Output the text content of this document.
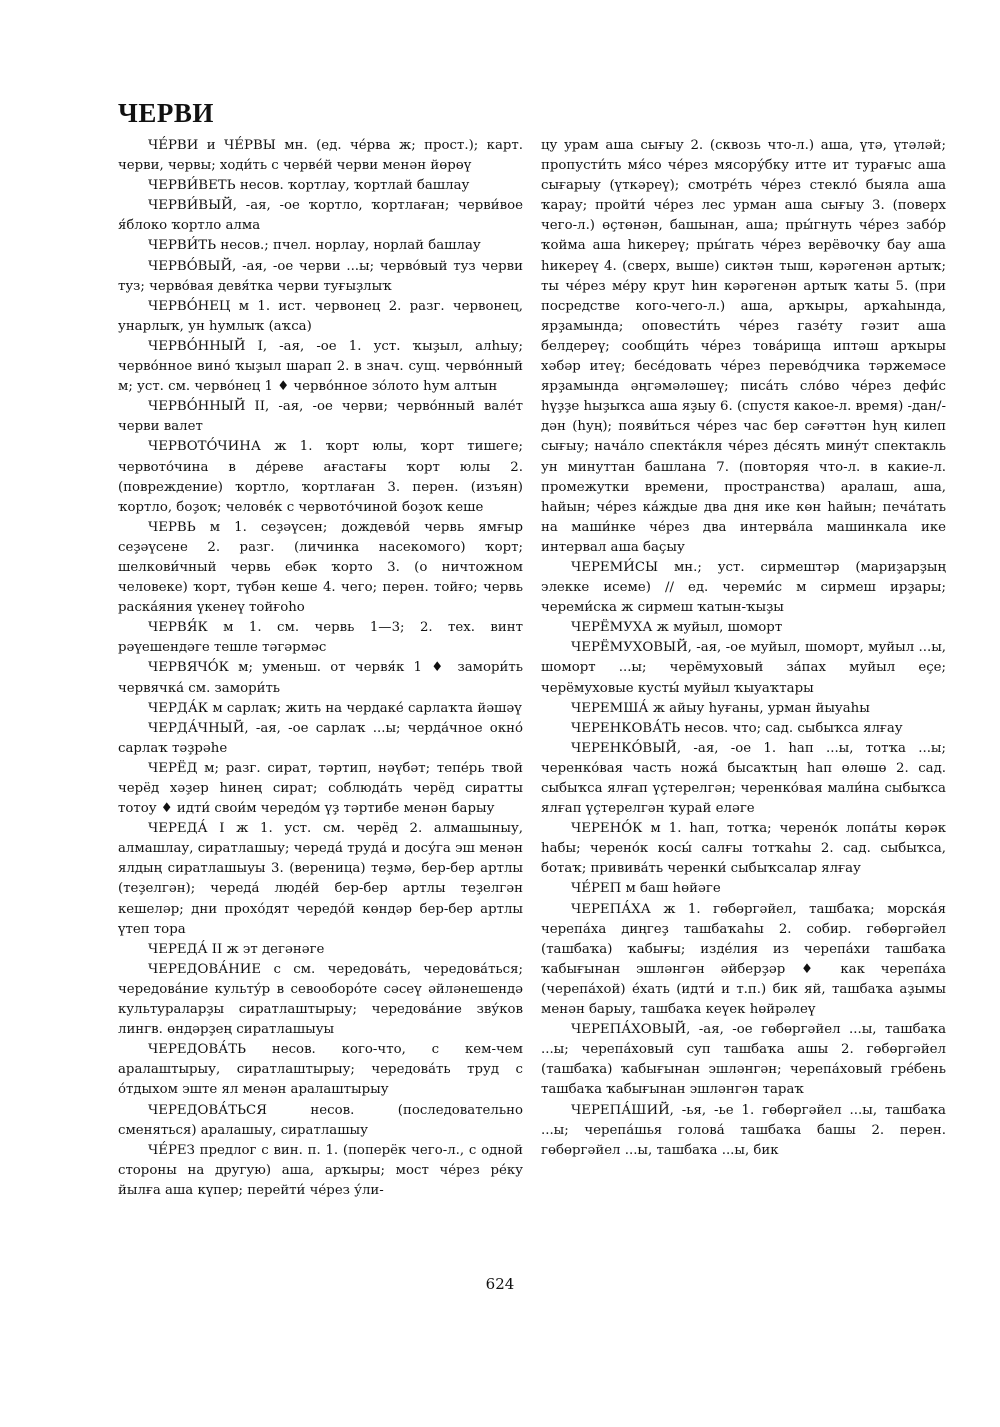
ЧЕРВИ

ЧЕ́РВИ и ЧЕ́РВЫ мн. (ед. че́рва ж; прост.); карт. черви, червы; ходи́ть с черве́й черви менән йөрөү

ЧЕРВИ́ВЕТЬ несов. ҡортлау, ҡортлай башлау

ЧЕРВИ́ВЫЙ, -ая, -ое ҡортло, ҡортлаған; черви́вое я́блоко ҡортло алма

ЧЕРВИ́ТЬ несов.; пчел. норлау, норлай башлау

ЧЕРВО́ВЫЙ, -ая, -ое черви ...ы; черво́вый туз черви туз; черво́вая девя́тка черви туғыҙлыҡ

ЧЕРВО́НЕЦ м 1. ист. червонец 2. разг. червонец, унарлыҡ, ун һумлыҡ (аҡса)

ЧЕРВО́ННЫЙ I, -ая, -ое 1. уст. ҡыҙыл, алһыу; черво́нное вино́ ҡыҙыл шарап 2. в знач. сущ. черво́нный м; уст. см. черво́нец 1 ♦ черво́нное зо́лото һум алтын

ЧЕРВО́ННЫЙ II, -ая, -ое черви; черво́нный вале́т черви валет

ЧЕРВОТО́ЧИНА ж 1. ҡорт юлы, ҡорт тишеге; червото́чина в де́реве ағастағы ҡорт юлы 2. (повреждение) ҡортло, ҡортлаған 3. перен. (изъян) ҡортло, боҙоҡ; челове́к с червото́чиной боҙоҡ кеше

ЧЕРВЬ м 1. сеҙәүсен; дождево́й червь ямғыр сеҙәүсене 2. разг. (личинка насекомого) ҡорт; шелкови́чный червь ебәк ҡорто 3. (о ничтожном человеке) ҡорт, түбән кеше 4. чего; перен. тойғо; червь раска́яния үкенеү тойғоһо

ЧЕРВЯ́К м 1. см. червь 1—3; 2. тех. винт рәүешендәге тешле тәгәрмәс

ЧЕРВЯЧО́К м; уменьш. от червя́к 1 ♦ замори́ть червячка́ см. замори́ть

ЧЕРДА́К м сарлаҡ; жить на чердаке́ сарлаҡта йәшәү

ЧЕРДА́ЧНЫЙ, -ая, -ое сарлаҡ ...ы; черда́чное окно́ сарлаҡ тәҙрәһе

ЧЕРЁД м; разг. сират, тәртип, нәүбәт; тепе́рь твой черёд хәҙер һинең сират; соблюда́ть черёд сиратты тотоу ♦ идти́ свои́м чередо́м үҙ тәртибе менән барыу

ЧЕРЕДА́ I ж 1. уст. см. черёд 2. алмашыныу, алмашлау, сиратлашыу; череда́ труда́ и досу́га эш менән ялдың сиратлашыуы 3. (вереница) теҙмә, бер-бер артлы (теҙелгән); череда́ люде́й бер-бер артлы теҙелгән кешеләр; дни прохо́дят чередо́й көндәр бер-бер артлы үтеп тора

ЧЕРЕДА́ II ж эт дегәнәге

ЧЕРЕДОВА́НИЕ с см. чередова́ть, чередова́ться; чередова́ние культу́р в севооборо́те сәсеү әйләнешендә культураларҙы сиратлаштырыу; чередова́ние зву́ков лингв. өндәрҙең сиратлашыуы

ЧЕРЕДОВА́ТЬ несов. кого-что, с кем-чем аралаштырыу, сиратлаштырыу; чередова́ть труд с о́тдыхом эште ял менән аралаштырыу

ЧЕРЕДОВА́ТЬСЯ несов. (последовательно сменяться) аралашыу, сиратлашыу

ЧЕ́РЕЗ предлог с вин. п. 1. (поперёк чего-л., с одной стороны на другую) аша, арҡыры; мост че́рез ре́ку йылға аша күпер; перейти́ че́рез у́ли-

цу урам аша сығыу 2. (сквозь что-л.) аша, үтә, үтәләй; пропусти́ть мя́со че́рез мясору́бку итте ит турағыс аша сығарыу (үткәреү); смотре́ть че́рез стекло́ быяла аша ҡарау; пройти́ че́рез лес урман аша сығыу 3. (поверх чего-л.) өҫтөнән, башынан, аша; пры́гнуть че́рез забо́р ҡойма аша һикереү; пры́гать че́рез верёвочку бау аша һикереү 4. (сверх, выше) сиктән тыш, кәрәгенән артыҡ; ты че́рез ме́ру крут һин кәрәгенән артыҡ ҡаты 5. (при посредстве кого-чего-л.) аша, арҡыры, арҡаһында, ярҙамында; оповести́ть че́рез газе́ту гәзит аша белдереү; сообщи́ть че́рез това́рища иптәш арҡыры хәбәр итеү; бесе́довать че́рез перево́дчика тәржемәсе ярҙамында әңгәмәләшеү; писа́ть сло́во че́рез дефи́с һүҙҙе һыҙыҡса аша яҙыу 6. (спустя какое-л. время) -дан/-дән (һуң); появи́ться че́рез час бер сәғәттән һуң килеп сығыу; нача́ло спекта́кля че́рез де́сять мину́т спектакль ун минуттан башлана 7. (повторяя что-л. в какие-л. промежутки времени, пространства) аралаш, аша, һайын; че́рез ка́ждые два дня ике көн һайын; печа́тать на маши́нке че́рез два интерва́ла машинкала ике интервал аша баҫыу

ЧЕРЕМИ́СЫ мн.; уст. сирмештәр (мариҙарҙың элекке исеме) // ед. череми́с м сирмеш ирҙары; череми́ска ж сирмеш ҡатын-ҡыҙы

ЧЕРЁМУХА ж муйыл, шоморт

ЧЕРЁМУХОВЫЙ, -ая, -ое муйыл, шоморт, муйыл ...ы, шоморт ...ы; черёмуховый за́пах муйыл еҫе; черёмуховые кусты́ муйыл ҡыуаҡтары

ЧЕРЕМША́ ж айыу һуғаны, урман йыуаһы

ЧЕРЕНКОВА́ТЬ несов. что; сад. сыбыҡса ялғау

ЧЕРЕНКО́ВЫЙ, -ая, -ое 1. һап ...ы, тотҡа ...ы; черенко́вая часть ножа́ бысаҡтың һап өлөшө 2. сад. сыбыҡса ялғап үҫтерелгән; черенко́вая мали́на сыбыҡса ялғап үҫтерелгән ҡурай еләге

ЧЕРЕНО́К м 1. һап, тотҡа; черено́к лопа́ты көрәк һабы; черено́к косы́ салғы тотҡаһы 2. сад. сыбыҡса, ботаҡ; привива́ть черенки́ сыбыҡсалар ялғау

ЧЕ́РЕП м баш һөйәге

ЧЕРЕПА́ХА ж 1. гөбөргәйел, ташбаҡа; морска́я черепа́ха диңгеҙ ташбаҡаһы 2. собир. гөбөргәйел (ташбаҡа) ҡабығы; изде́лия из черепа́хи ташбаҡа ҡабығынан эшләнгән әйберҙәр ♦ как черепа́ха (черепа́хой) е́хать (идти́ и т.п.) бик яй, ташбаҡа аҙымы менән барыу, ташбаҡа кеүек һөйрәлеү

ЧЕРЕПА́ХОВЫЙ, -ая, -ое гөбөргәйел ...ы, ташбаҡа ...ы; черепа́ховый суп ташбаҡа ашы 2. гөбөргәйел (ташбаҡа) ҡабығынан эшләнгән; черепа́ховый гре́бень ташбаҡа ҡабығынан эшләнгән тараҡ

ЧЕРЕПА́ШИЙ, -ья, -ье 1. гөбөргәйел ...ы, ташбаҡа ...ы; черепа́шья голова́ ташбаҡа башы 2. перен. гөбөргәйел ...ы, ташбаҡа ...ы, бик

624
